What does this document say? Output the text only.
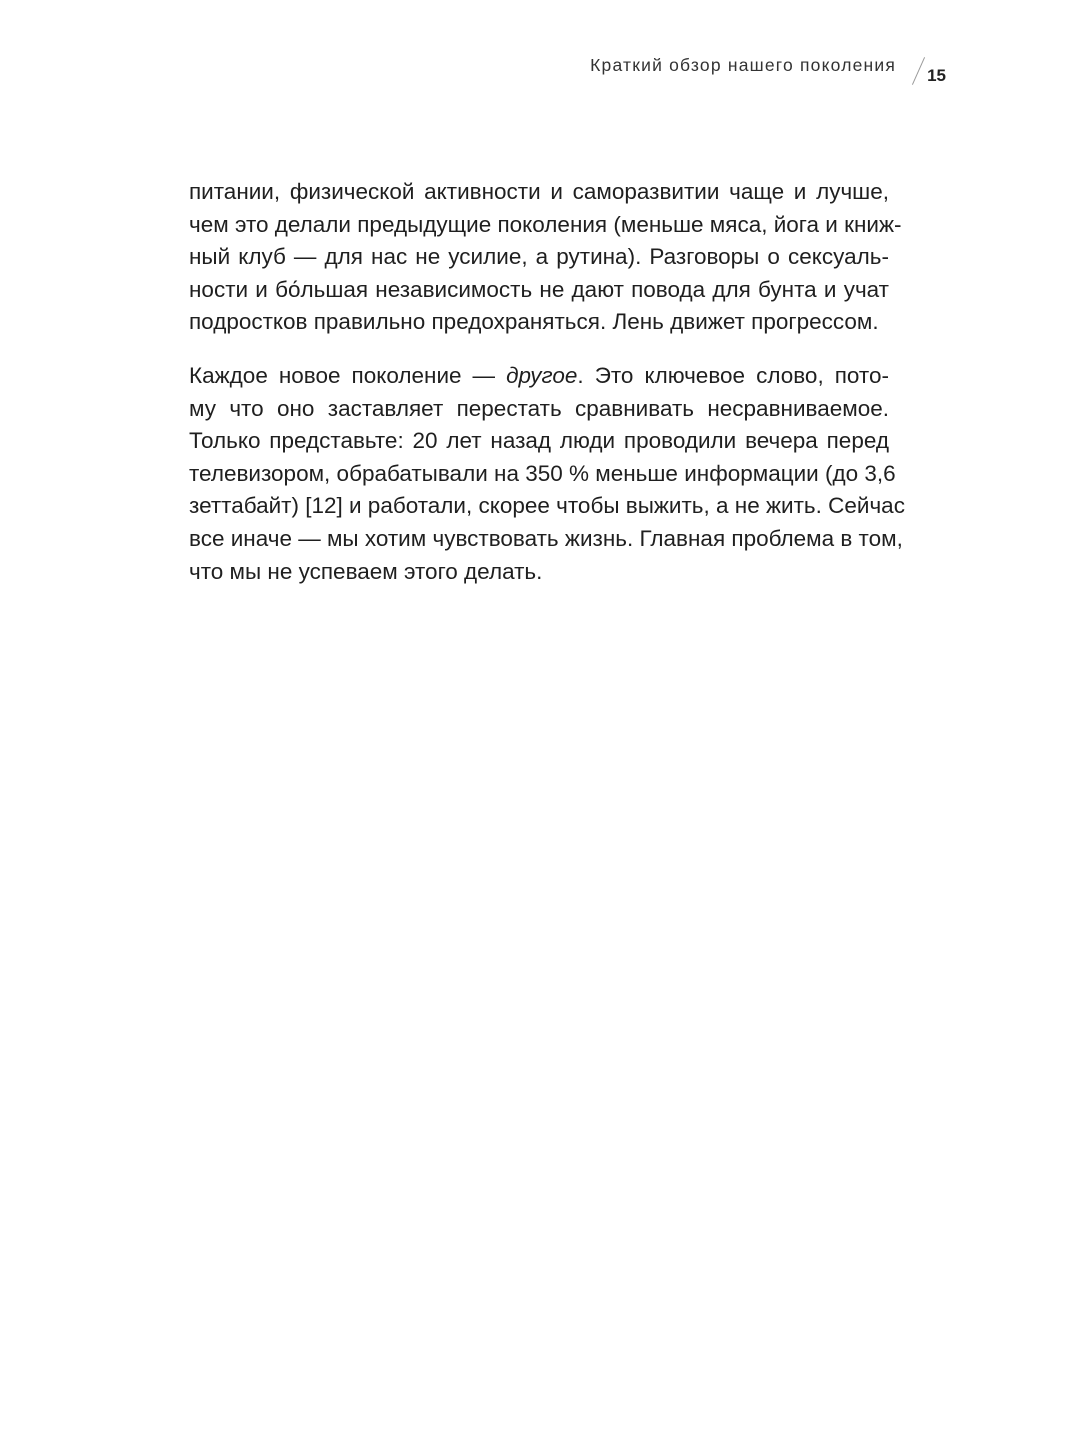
Краткий обзор нашего поколения
15

питании, физической активности и саморазвитии чаще и лучше,
чем это делали предыдущие поколения (меньше мяса, йога и книж-
ный клуб — для нас не усилие, а рутина). Разговоры о сексуаль-
ности и бо́льшая независимость не дают повода для бунта и учат
подростков правильно предохраняться. Лень движет прогрессом.

Каждое новое поколение — другое. Это ключевое слово, пото-
му что оно заставляет перестать сравнивать несравниваемое.
Только представьте: 20 лет назад люди проводили вечера перед
телевизором, обрабатывали на 350 % меньше информации (до 3,6
зеттабайт) [12] и работали, скорее чтобы выжить, а не жить. Сейчас
все иначе — мы хотим чувствовать жизнь. Главная проблема в том,
что мы не успеваем этого делать.
